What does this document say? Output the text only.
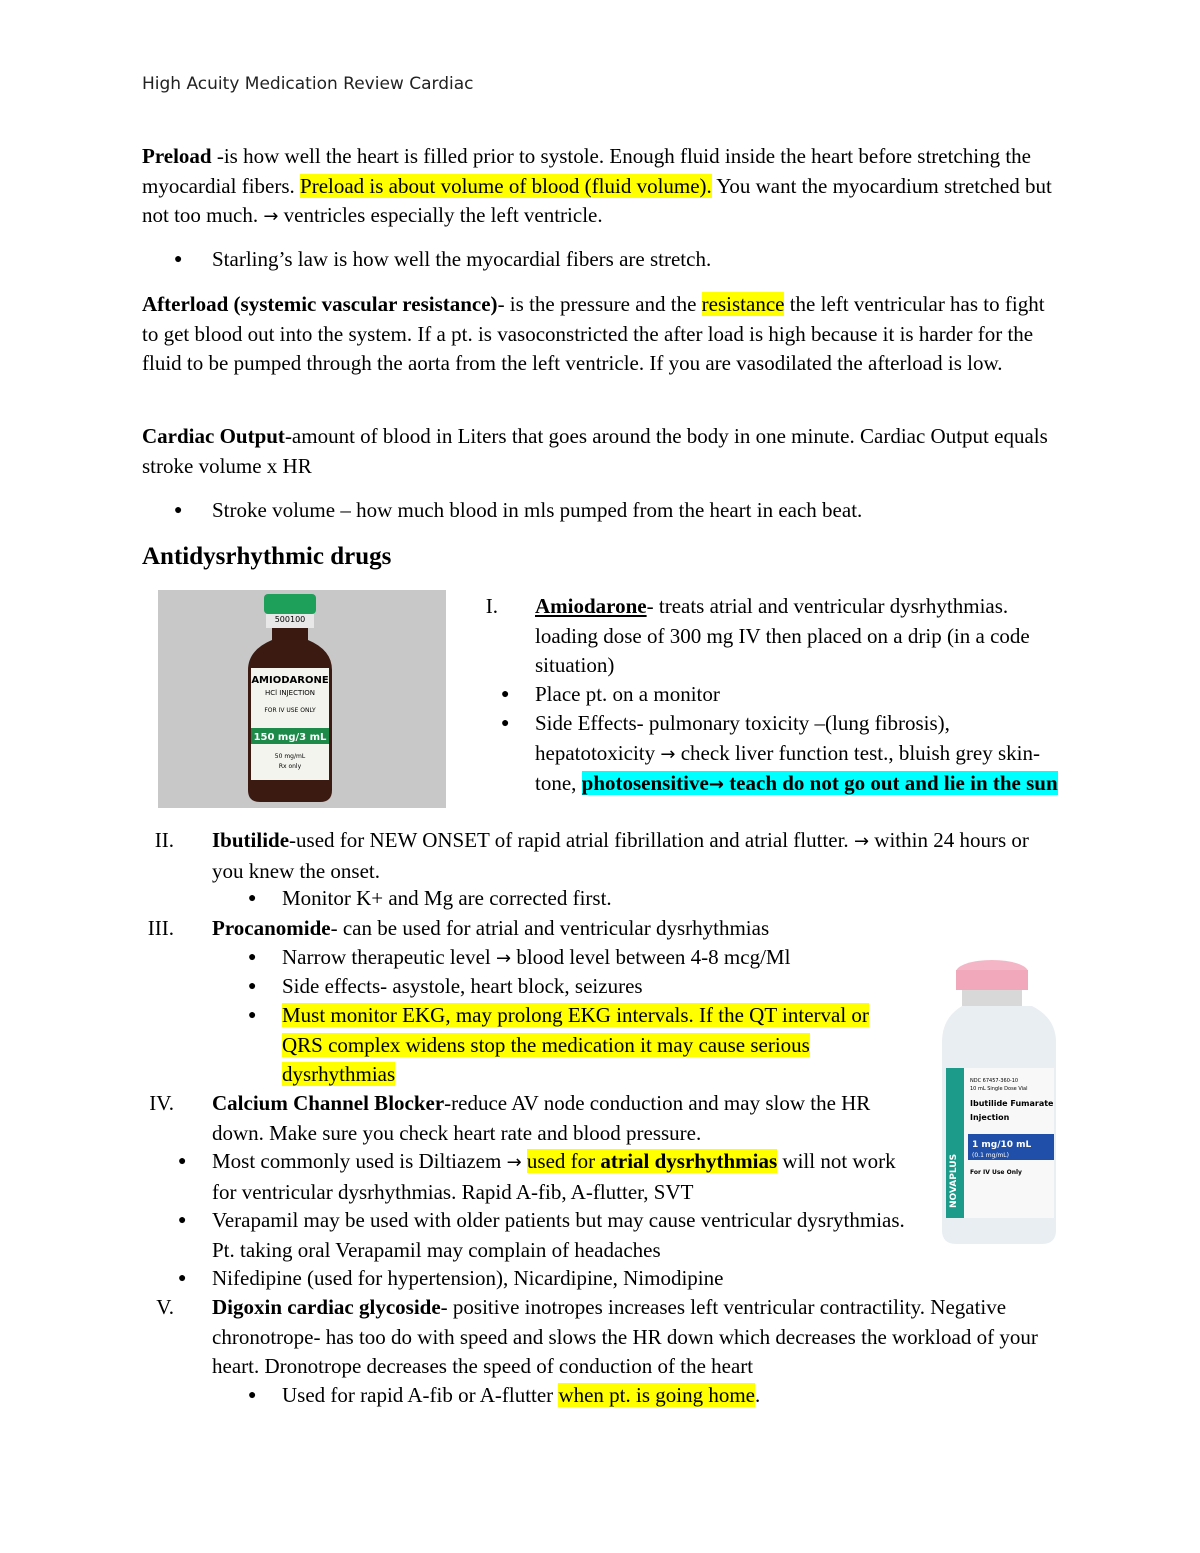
High Acuity Medication Review Cardiac
Preload -is how well the heart is filled prior to systole. Enough fluid inside the heart before stretching the myocardial fibers. Preload is about volume of blood (fluid volume). You want the myocardium stretched but not too much. → ventricles especially the left ventricle.
● Starling’s law is how well the myocardial fibers are stretch.
Afterload (systemic vascular resistance)- is the pressure and the resistance the left ventricular has to fight to get blood out into the system. If a pt. is vasoconstricted the after load is high because it is harder for the fluid to be pumped through the aorta from the left ventricle. If you are vasodilated the afterload is low.
Cardiac Output-amount of blood in Liters that goes around the body in one minute. Cardiac Output equals stroke volume x HR
● Stroke volume – how much blood in mls pumped from the heart in each beat.
Antidysrhythmic drugs
500100
AMIODARONE
HCl INJECTION
FOR IV USE ONLY
150 mg/3 mL
50 mg/mL
Rx only
I. Amiodarone- treats atrial and ventricular dysrhythmias. loading dose of 300 mg IV then placed on a drip (in a code situation)
● Place pt. on a monitor
● Side Effects- pulmonary toxicity –(lung fibrosis), hepatotoxicity → check liver function test., bluish grey skin-tone, photosensitive→ teach do not go out and lie in the sun
II. Ibutilide-used for NEW ONSET of rapid atrial fibrillation and atrial flutter. → within 24 hours or you knew the onset.
● Monitor K+ and Mg are corrected first.
III. Procanomide- can be used for atrial and ventricular dysrhythmias
● Narrow therapeutic level → blood level between 4-8 mcg/Ml
● Side effects- asystole, heart block, seizures
● Must monitor EKG, may prolong EKG intervals. If the QT interval or QRS complex widens stop the medication it may cause serious dysrhythmias
NOVAPLUS
NDC 67457-360-10
10 mL Single Dose Vial
Ibutilide Fumarate
Injection
1 mg/10 mL
(0.1 mg/mL)
For IV Use Only
IV. Calcium Channel Blocker-reduce AV node conduction and may slow the HR down. Make sure you check heart rate and blood pressure.
● Most commonly used is Diltiazem → used for atrial dysrhythmias will not work for ventricular dysrhythmias. Rapid A-fib, A-flutter, SVT
● Verapamil may be used with older patients but may cause ventricular dysrythmias. Pt. taking oral Verapamil may complain of headaches
● Nifedipine (used for hypertension), Nicardipine, Nimodipine
V. Digoxin cardiac glycoside- positive inotropes increases left ventricular contractility. Negative chronotrope- has too do with speed and slows the HR down which decreases the workload of your heart. Dronotrope decreases the speed of conduction of the heart
● Used for rapid A-fib or A-flutter when pt. is going home.
